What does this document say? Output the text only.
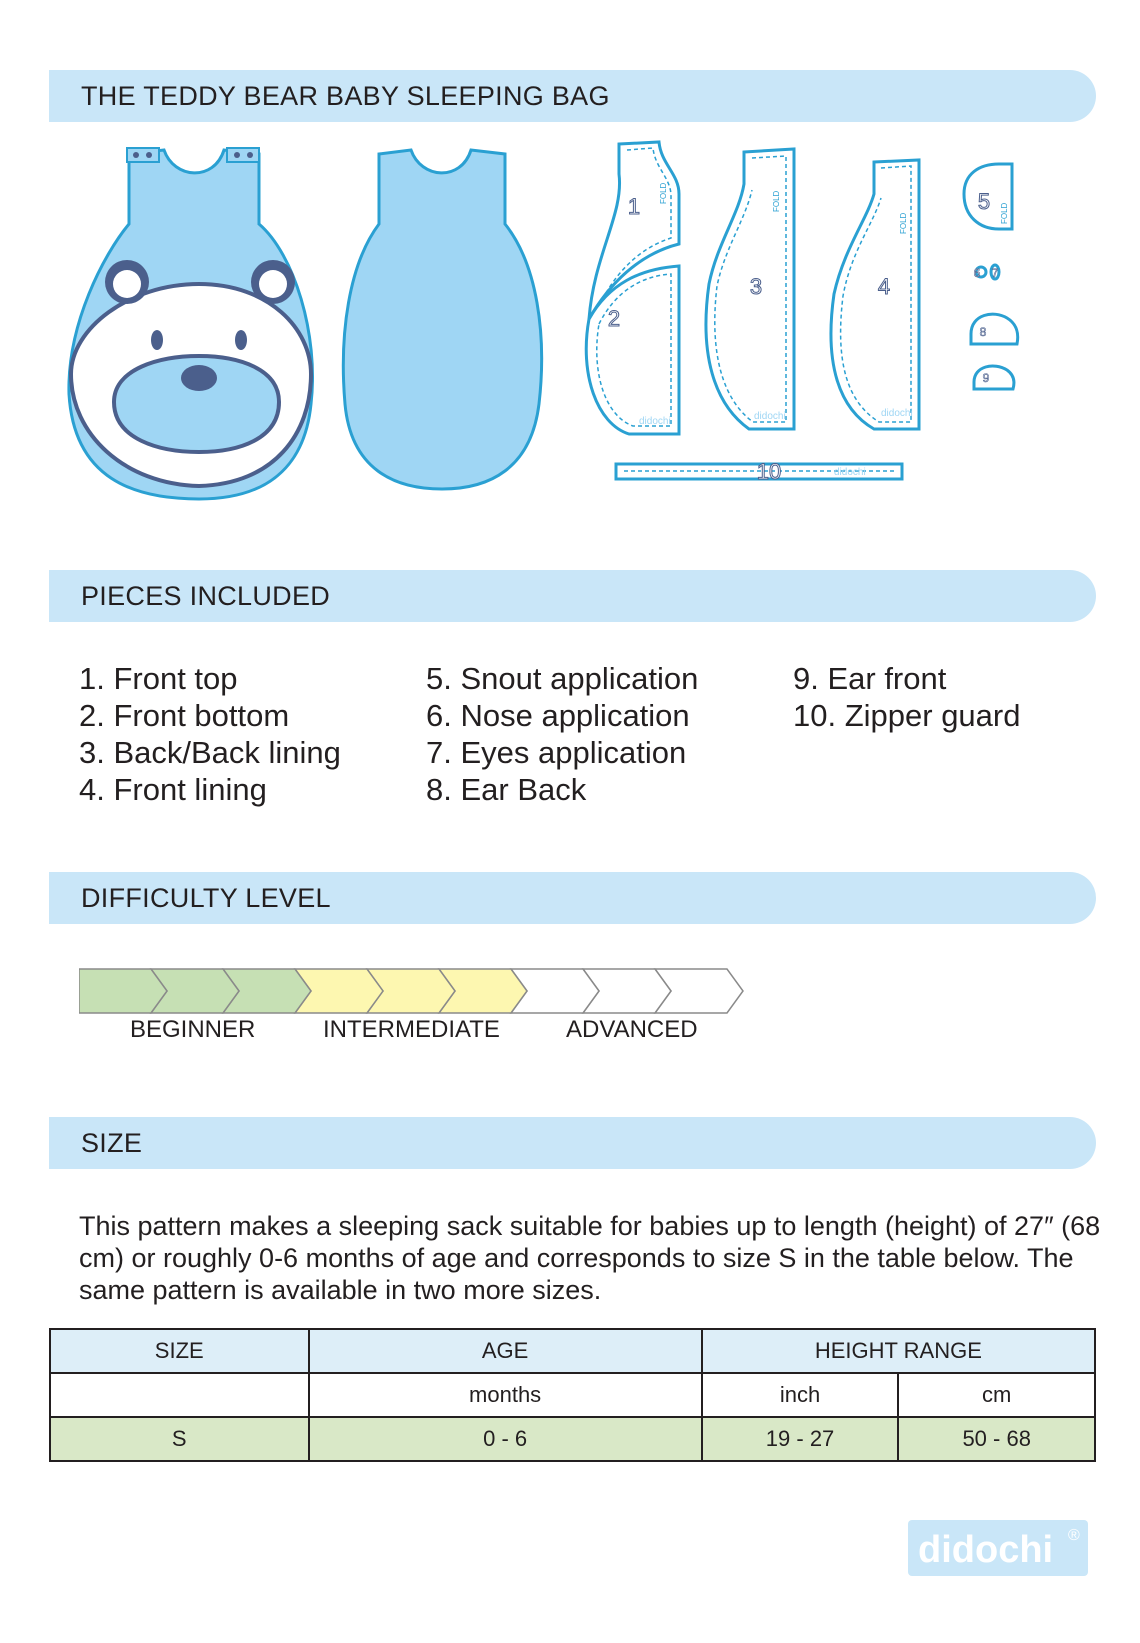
THE TEDDY BEAR BABY SLEEPING BAG
PIECES INCLUDED
DIFFICULTY LEVEL
SIZE
1
2
3	4
5
10
6 7
8
9
FOLD	FOLD
FOLD	FOLD
didochi	didochi	didochi
didochi
1. Front top
2. Front bottom
3. Back/Back lining
4. Front lining
5. Snout application
6. Nose application
7. Eyes application
8. Ear Back
9. Ear front
10. Zipper guard
BEGINNER	INTERMEDIATE	ADVANCED
This pattern makes a sleeping sack suitable for babies up to length (height) of 27″ (68 cm) or roughly 0-6 months of age and corresponds to size S in the table below. The same pattern is available in two more sizes.
SIZE	AGE	HEIGHT RANGE	
	months	inch	cm
S	0 - 6	19 - 27	50 - 68
didochi ®
